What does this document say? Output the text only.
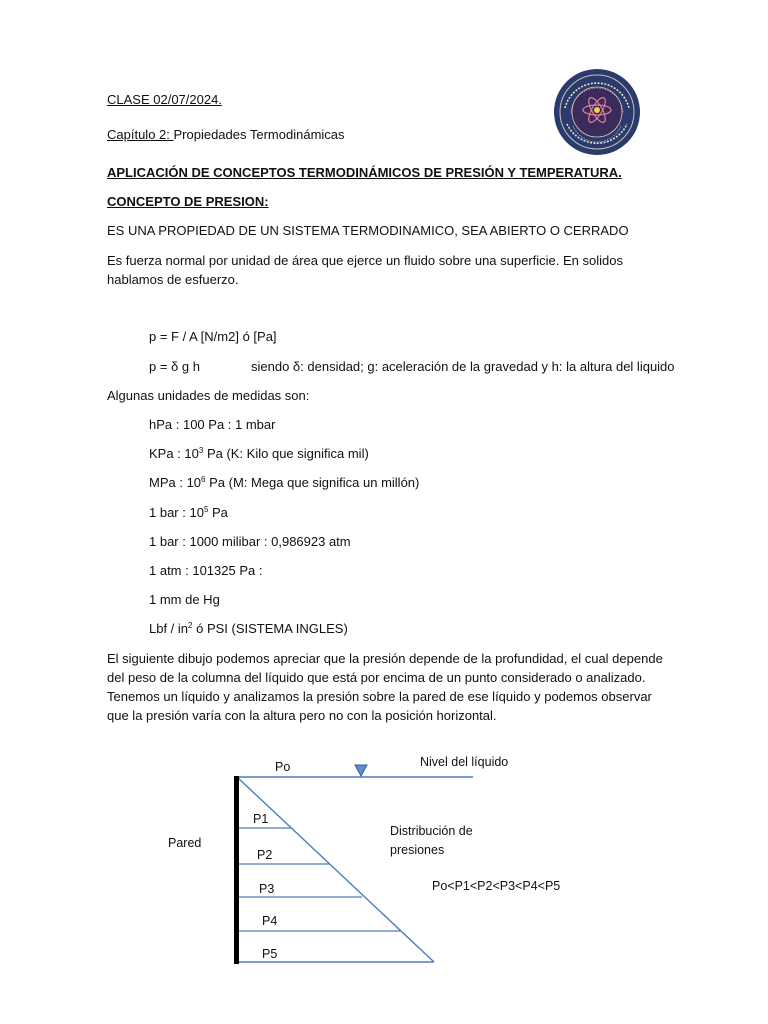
CLASE 02/07/2024.
Capítulo 2: Propiedades Termodinámicas
APLICACIÓN DE CONCEPTOS TERMODINÁMICOS DE PRESIÓN Y TEMPERATURA.
CONCEPTO DE PRESION:
ES UNA PROPIEDAD DE UN SISTEMA TERMODINAMICO, SEA ABIERTO O CERRADO
Es fuerza normal por unidad de área que ejerce un fluido sobre una superficie. En solidos hablamos de esfuerzo.
p = F / A [N/m2] ó [Pa]
p = δ g h	siendo δ: densidad; g: aceleración de la gravedad y h: la altura del liquido
Algunas unidades de medidas son:
hPa : 100 Pa : 1 mbar
KPa : $10^3$ Pa (K: Kilo que significa mil)
MPa : $10^6$ Pa (M: Mega que significa un millón)
1 bar : $10^5$ Pa
1 bar : 1000 milibar : 0,986923 atm
1 atm : 101325 Pa :
1 mm de Hg
Lbf / $in^2$ ó PSI (SISTEMA INGLES)
El siguiente dibujo podemos apreciar que la presión depende de la profundidad, el cual depende del peso de la columna del líquido que está por encima de un punto considerado o analizado. Tenemos un líquido y analizamos la presión sobre la pared de ese líquido y podemos observar que la presión varía con la altura pero no con la posición horizontal.
Po	Nivel del líquido
Pared
Distribución de
presiones
Po<P1<P2<P3<P4<P5
P1
P2
P3
P4
P5
